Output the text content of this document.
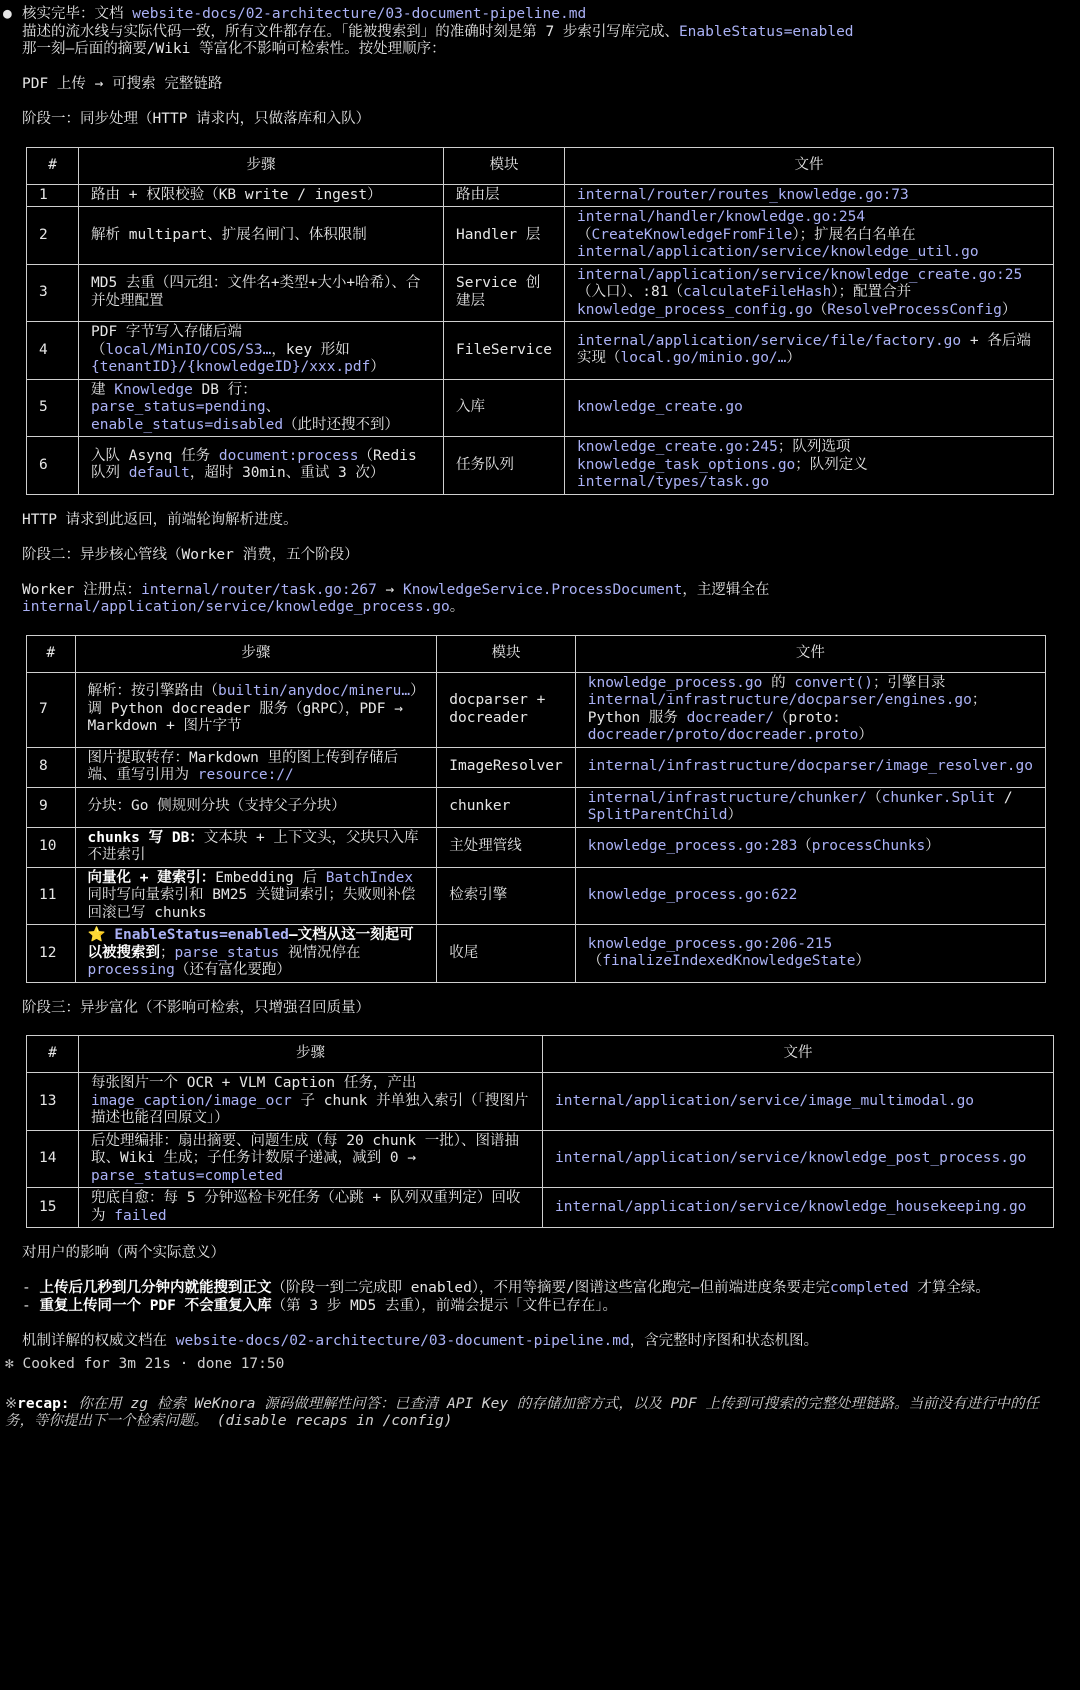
● 核实完毕：文档 website-docs/02-architecture/03-document-pipeline.md
描述的流水线与实际代码一致，所有文件都存在。「能被搜索到」的准确时刻是第 7 步索引写库完成、EnableStatus=enabled
那一刻—后面的摘要/Wiki 等富化不影响可检索性。按处理顺序：
PDF 上传 → 可搜索 完整链路
阶段一：同步处理（HTTP 请求内，只做落库和入队）
#	步骤	模块	文件
1	路由 + 权限校验（KB write / ingest）	路由层	internal/router/routes_knowledge.go:73
2	解析 multipart、扩展名闸门、体积限制	Handler 层	internal/handler/knowledge.go:254（CreateKnowledgeFromFile）；扩展名白名单在 internal/application/service/knowledge_util.go
3	MD5 去重（四元组：文件名+类型+大小+哈希）、合并处理配置	Service 创建层	internal/application/service/knowledge_create.go:25（入口）、:81（calculateFileHash）；配置合并 knowledge_process_config.go（ResolveProcessConfig）
4	PDF 字节写入存储后端（local/MinIO/COS/S3…，key 形如 {tenantID}/{knowledgeID}/xxx.pdf）	FileService	internal/application/service/file/factory.go + 各后端实现（local.go/minio.go/…）
5	建 Knowledge DB 行：parse_status=pending、enable_status=disabled（此时还搜不到）	入库	knowledge_create.go
6	入队 Asynq 任务 document:process（Redis 队列 default，超时 30min、重试 3 次）	任务队列	knowledge_create.go:245；队列选项 knowledge_task_options.go；队列定义 internal/types/task.go
HTTP 请求到此返回，前端轮询解析进度。
阶段二：异步核心管线（Worker 消费，五个阶段）
Worker 注册点：internal/router/task.go:267 → KnowledgeService.ProcessDocument，主逻辑全在
internal/application/service/knowledge_process.go。
#	步骤	模块	文件
7	解析：按引擎路由（builtin/anydoc/mineru…）调 Python docreader 服务（gRPC），PDF → Markdown + 图片字节	docparser + docreader	knowledge_process.go 的 convert()；引擎目录 internal/infrastructure/docparser/engines.go；Python 服务 docreader/（proto: docreader/proto/docreader.proto）
8	图片提取转存：Markdown 里的图上传到存储后端、重写引用为 resource://	ImageResolver	internal/infrastructure/docparser/image_resolver.go
9	分块：Go 侧规则分块（支持父子分块）	chunker	internal/infrastructure/chunker/（chunker.Split / SplitParentChild）
10	chunks 写 DB：文本块 + 上下文头，父块只入库不进索引	主处理管线	knowledge_process.go:283（processChunks）
11	向量化 + 建索引：Embedding 后 BatchIndex 同时写向量索引和 BM25 关键词索引；失败则补偿回滚已写 chunks	检索引擎	knowledge_process.go:622
12	⭐ EnableStatus=enabled—文档从这一刻起可以被搜索到；parse_status 视情况停在 processing（还有富化要跑）	收尾	knowledge_process.go:206-215（finalizeIndexedKnowledgeState）
阶段三：异步富化（不影响可检索，只增强召回质量）
#	步骤	文件
13	每张图片一个 OCR + VLM Caption 任务，产出 image_caption/image_ocr 子 chunk 并单独入索引（「搜图片描述也能召回原文」）	internal/application/service/image_multimodal.go
14	后处理编排：扇出摘要、问题生成（每 20 chunk 一批）、图谱抽取、Wiki 生成；子任务计数原子递减，减到 0 → parse_status=completed	internal/application/service/knowledge_post_process.go
15	兜底自愈：每 5 分钟巡检卡死任务（心跳 + 队列双重判定）回收为 failed	internal/application/service/knowledge_housekeeping.go
对用户的影响（两个实际意义）
- 上传后几秒到几分钟内就能搜到正文（阶段一到二完成即 enabled），不用等摘要/图谱这些富化跑完—但前端进度条要走完completed 才算全绿。
- 重复上传同一个 PDF 不会重复入库（第 3 步 MD5 去重），前端会提示「文件已存在」。
机制详解的权威文档在 website-docs/02-architecture/03-document-pipeline.md，含完整时序图和状态机图。
✻ Cooked for 3m 21s · done 17:50
※recap: 你在用 zg 检索 WeKnora 源码做理解性问答：已查清 API Key 的存储加密方式，以及 PDF 上传到可搜索的完整处理链路。当前没有进行中的任务，等你提出下一个检索问题。 (disable recaps in /config)
